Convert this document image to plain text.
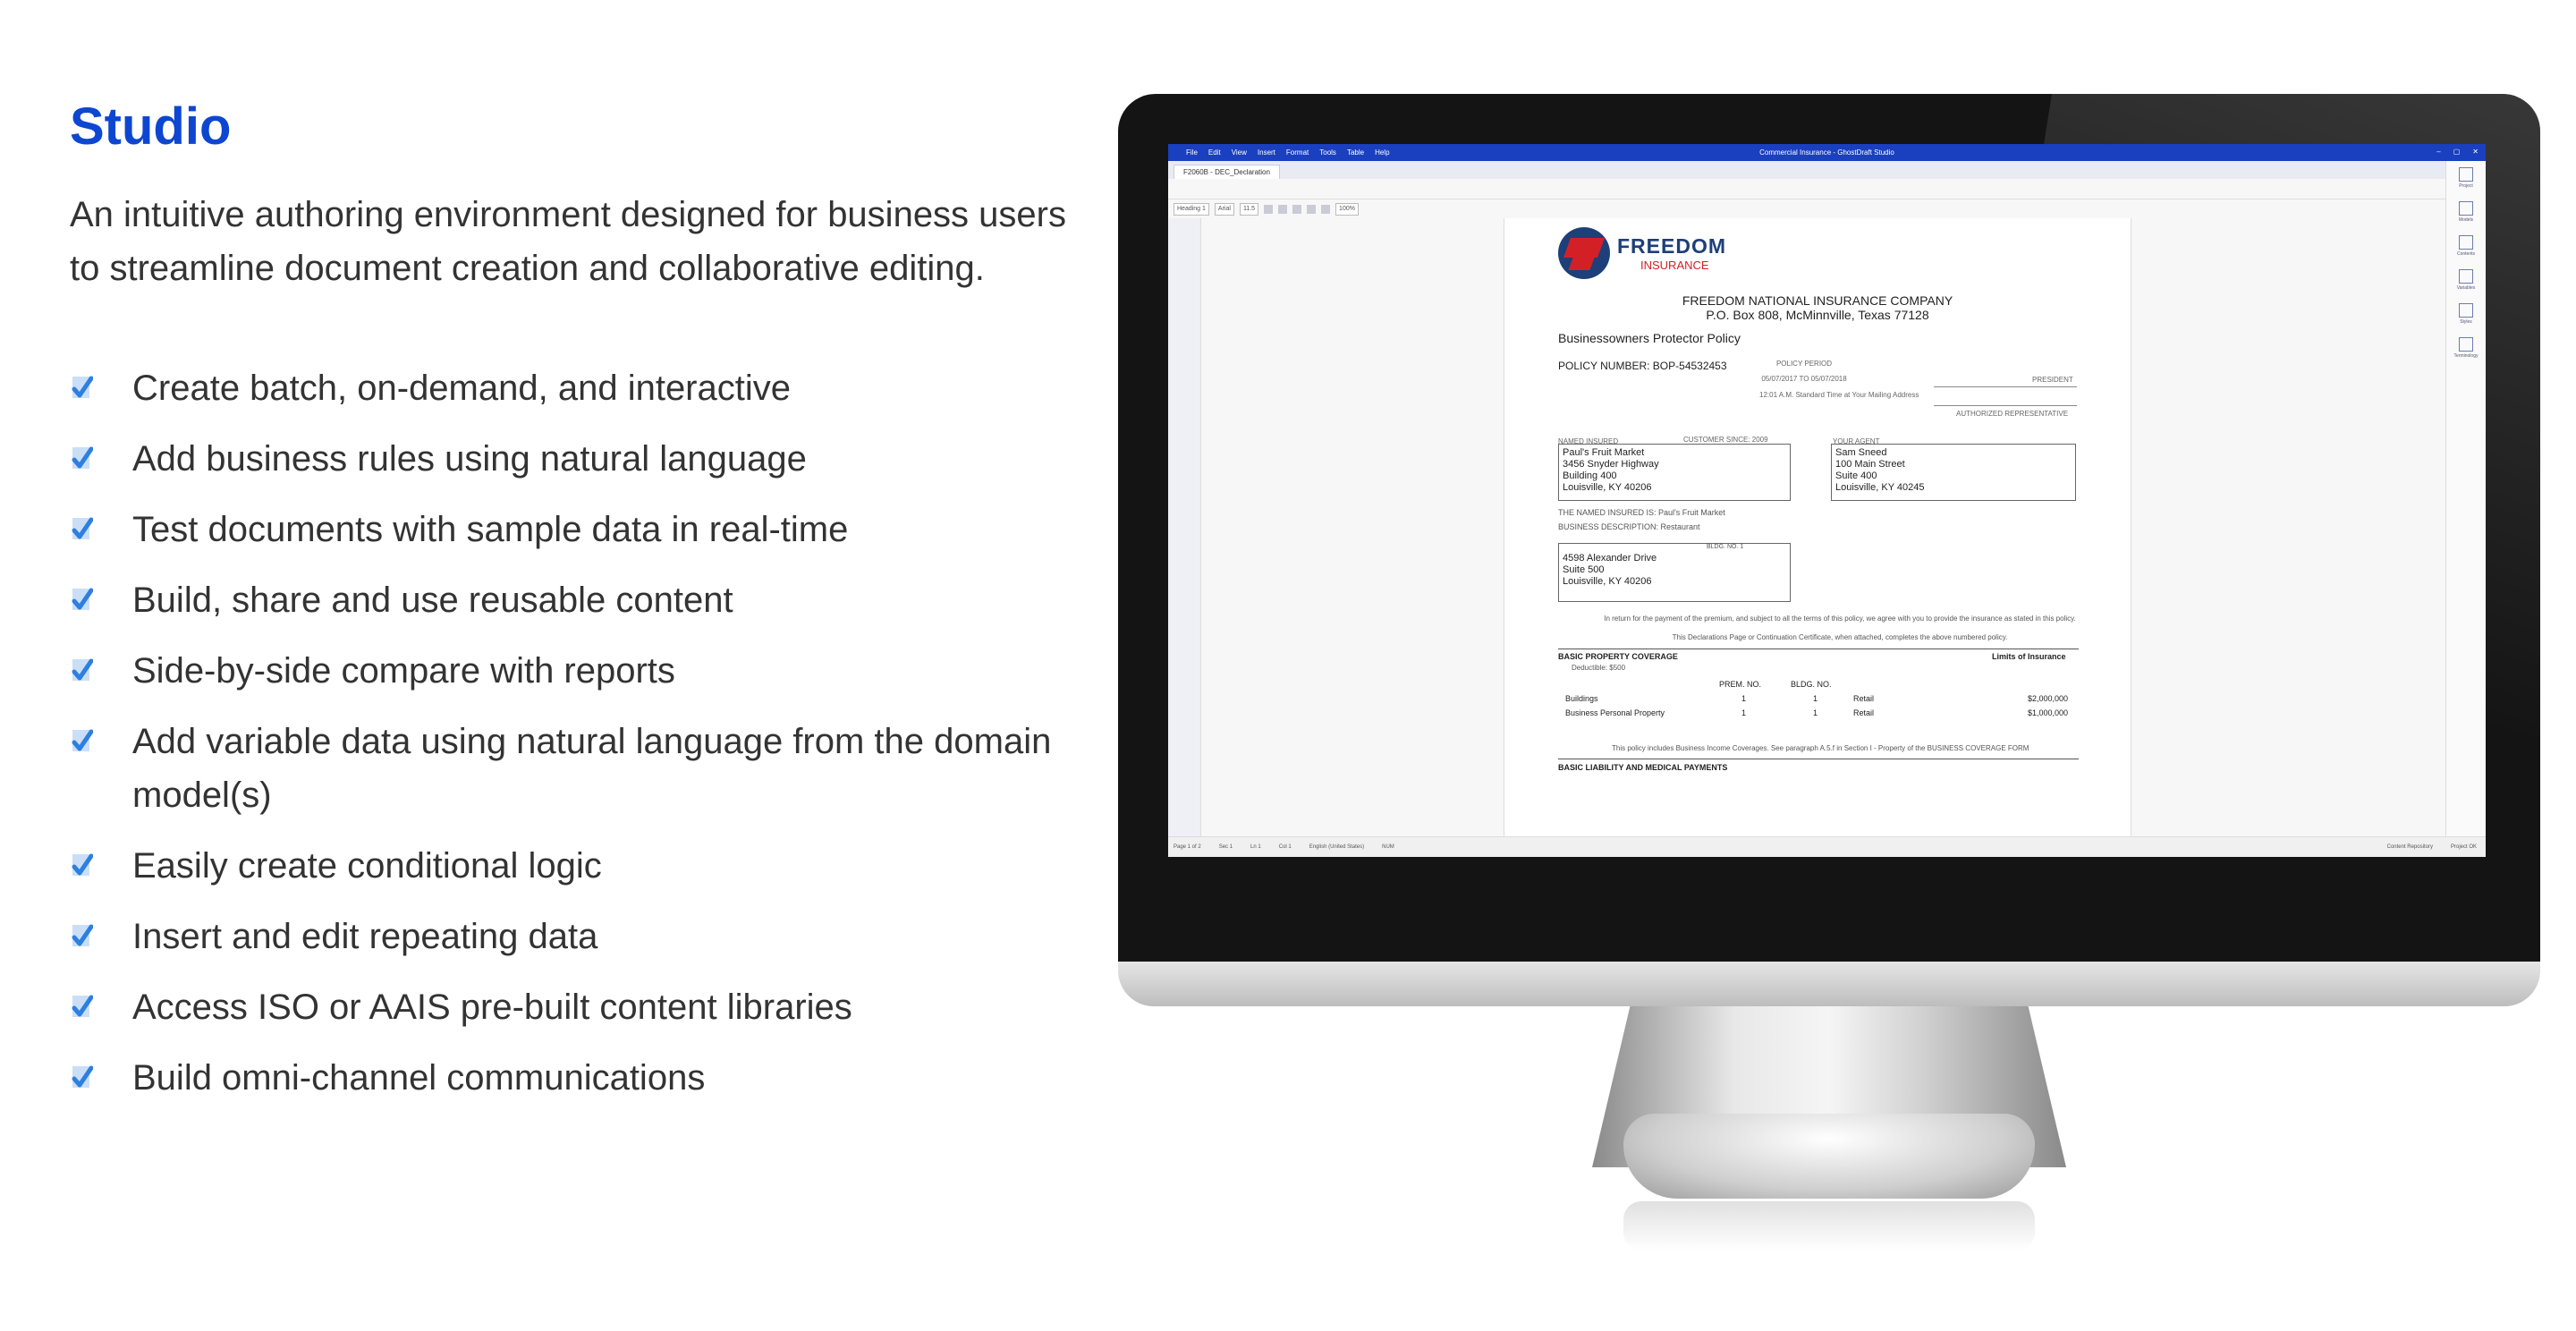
Studio

An intuitive authoring environment designed for business users to streamline document creation and collaborative editing.

Create batch, on-demand, and interactive
Add business rules using natural language
Test documents with sample data in real-time
Build, share and use reusable content
Side-by-side compare with reports
Add variable data using natural language from the domain model(s)
Easily create conditional logic
Insert and edit repeating data
Access ISO or AAIS pre-built content libraries
Build omni-channel communications
File Edit View Insert Format Tools Table Help	Commercial Insurance - GhostDraft Studio	– ▢ ✕
F2060B - DEC_Declaration
Heading 1	Arial	11.5	100%
FREEDOM
INSURANCE
FREEDOM NATIONAL INSURANCE COMPANY
P.O. Box 808, McMinnville, Texas 77128
Businessowners Protector Policy
POLICY NUMBER: BOP-54532453	POLICY PERIOD
05/07/2017 TO 05/07/2018
12:01 A.M. Standard Time at Your Mailing Address
PRESIDENT
AUTHORIZED REPRESENTATIVE
NAMED INSURED	CUSTOMER SINCE: 2009	YOUR AGENT
Paul's Fruit Market
3456 Snyder Highway
Building 400
Louisville, KY 40206
Sam Sneed
100 Main Street
Suite 400
Louisville, KY 40245
THE NAMED INSURED IS: Paul's Fruit Market
BUSINESS DESCRIPTION: Restaurant
BLDG. NO. 1
4598 Alexander Drive
Suite 500
Louisville, KY 40206
In return for the payment of the premium, and subject to all the terms of this policy, we agree with you to provide the insurance as stated in this policy.
This Declarations Page or Continuation Certificate, when attached, completes the above numbered policy.
BASIC PROPERTY COVERAGE	Limits of Insurance
Deductible: $500
PREM. NO.	BLDG. NO.
Buildings	1	1	Retail	$2,000,000
Business Personal Property	1	1	Retail	$1,000,000
This policy includes Business Income Coverages. See paragraph A.5.f in Section I - Property of the BUSINESS COVERAGE FORM
BASIC LIABILITY AND MEDICAL PAYMENTS
Project
Models
Contents
Variables
Styles
Terminology
Page 1 of 2	Sec 1	Ln 1	Col 1	English (United States)	NUM	Content Repository	Project OK
